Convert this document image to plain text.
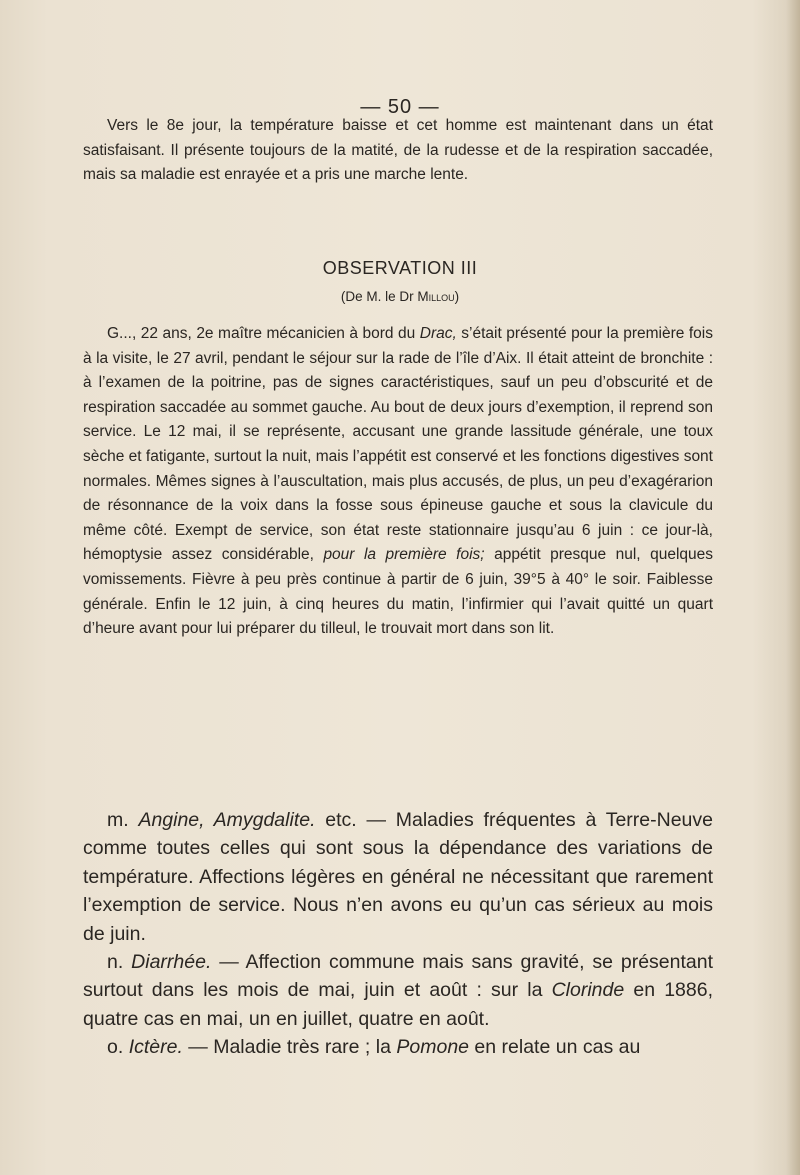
— 50 —

Vers le 8e jour, la température baisse et cet homme est maintenant dans un état satisfaisant. Il présente toujours de la matité, de la rudesse et de la respiration saccadée, mais sa maladie est enrayée et a pris une marche lente.

OBSERVATION III
(De M. le Dr Millou)

G..., 22 ans, 2e maître mécanicien à bord du Drac, s’était présenté pour la première fois à la visite, le 27 avril, pendant le séjour sur la rade de l’île d’Aix. Il était atteint de bronchite : à l’examen de la poitrine, pas de signes caractéristiques, sauf un peu d’obscurité et de respiration saccadée au sommet gauche. Au bout de deux jours d’exemption, il reprend son service. Le 12 mai, il se représente, accusant une grande lassitude générale, une toux sèche et fatigante, surtout la nuit, mais l’appétit est conservé et les fonctions digestives sont normales. Mêmes signes à l’auscultation, mais plus accusés, de plus, un peu d’exagérarion de résonnance de la voix dans la fosse sous épineuse gauche et sous la clavicule du même côté. Exempt de service, son état reste stationnaire jusqu’au 6 juin : ce jour-là, hémoptysie assez considérable, pour la première fois; appétit presque nul, quelques vomissements. Fièvre à peu près continue à partir de 6 juin, 39°5 à 40° le soir. Faiblesse générale. Enfin le 12 juin, à cinq heures du matin, l’infirmier qui l’avait quitté un quart d’heure avant pour lui préparer du tilleul, le trouvait mort dans son lit.

m. Angine, Amygdalite. etc. — Maladies fréquentes à Terre-Neuve comme toutes celles qui sont sous la dépendance des variations de température. Affections légères en général ne nécessitant que rarement l’exemption de service. Nous n’en avons eu qu’un cas sérieux au mois de juin.

n. Diarrhée. — Affection commune mais sans gravité, se présentant surtout dans les mois de mai, juin et août : sur la Clorinde en 1886, quatre cas en mai, un en juillet, quatre en août.

o. Ictère. — Maladie très rare ; la Pomone en relate un cas au
